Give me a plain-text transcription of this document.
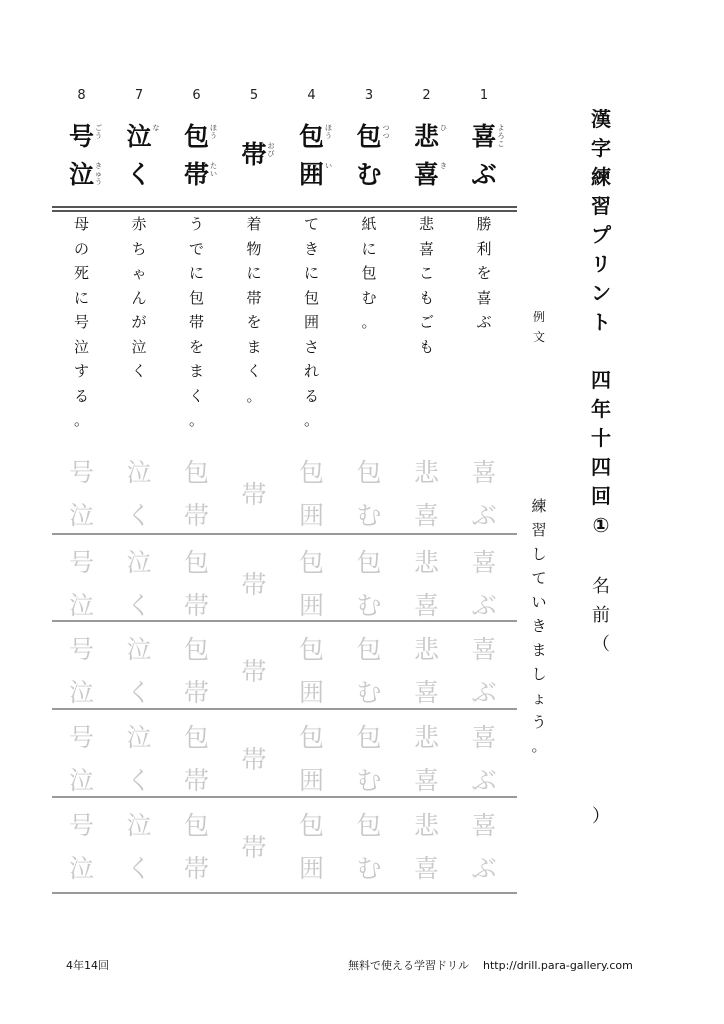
漢
字
練
習
プ
リ
ン
ト

四
年
十
四
回
①
名
前
（
）
例
文
練
習
し
て
い
き
ま
し
ょ
う
。
4年14回	無料で使える学習ドリル http://drill.para-gallery.com
1
喜
ぶ
よろこ
勝
利
を
喜
ぶ
喜
ぶ
喜
ぶ
喜
ぶ
喜
ぶ
喜
ぶ
2
悲
喜
ひ
き
悲
喜
こ
も
ご
も
悲
喜
悲
喜
悲
喜
悲
喜
悲
喜
3
包
む
つつ
紙
に
包
む
。
包
む
包
む
包
む
包
む
包
む
4
包
囲
ほう
い
て
き
に
包
囲
さ
れ
る
。
包
囲
包
囲
包
囲
包
囲
包
囲
5
帯 おび
着
物
に
帯
を
ま
く
。
帯
帯
帯
帯
帯
6
包
帯
ほう
たい
う
で
に
包
帯
を
ま
く
。
包
帯
包
帯
包
帯
包
帯
包
帯
7
泣
く
な
赤
ち
ゃ
ん
が
泣
く
泣
く
泣
く
泣
く
泣
く
泣
く
8
号
泣
ごう
きゅう
母
の
死
に
号
泣
す
る
。
号
泣
号
泣
号
泣
号
泣
号
泣
